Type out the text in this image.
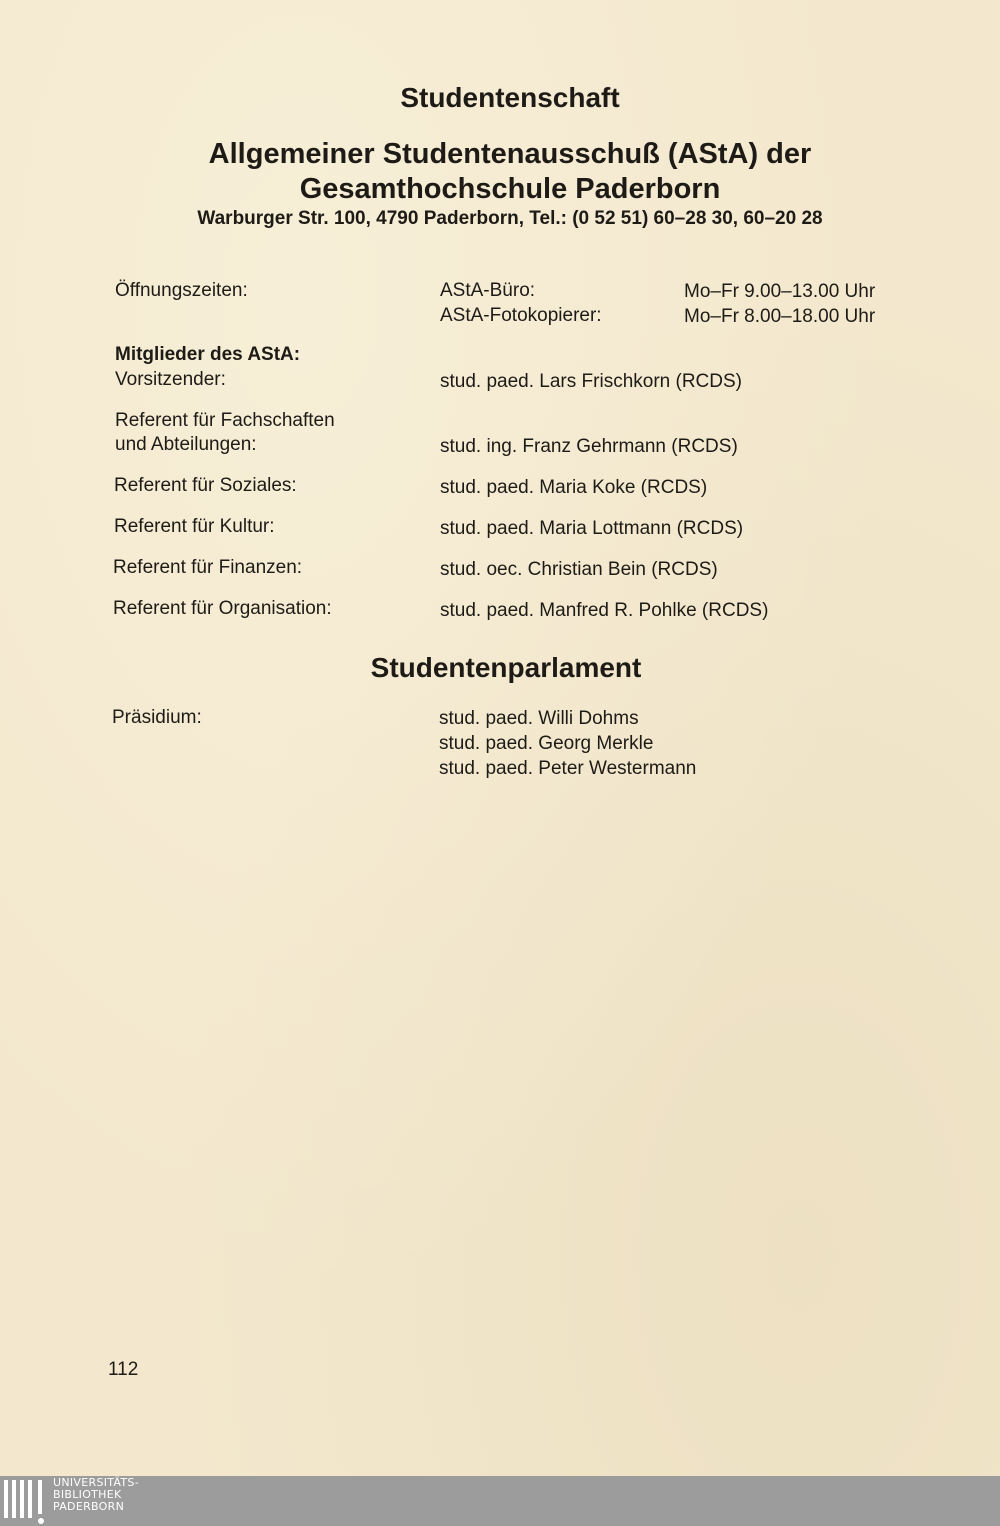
Studentenschaft
Allgemeiner Studentenausschuß (AStA) der
Gesamthochschule Paderborn
Warburger Str. 100, 4790 Paderborn, Tel.: (0 52 51) 60–28 30, 60–20 28
Öffnungszeiten:	AStA-Büro:	Mo–Fr 9.00–13.00 Uhr
AStA-Fotokopierer:	Mo–Fr 8.00–18.00 Uhr
Mitglieder des AStA:
Vorsitzender:	stud. paed. Lars Frischkorn (RCDS)
Referent für Fachschaften
und Abteilungen:	stud. ing. Franz Gehrmann (RCDS)
Referent für Soziales:	stud. paed. Maria Koke (RCDS)
Referent für Kultur:	stud. paed. Maria Lottmann (RCDS)
Referent für Finanzen:	stud. oec. Christian Bein (RCDS)
Referent für Organisation:	stud. paed. Manfred R. Pohlke (RCDS)
Studentenparlament
Präsidium:	stud. paed. Willi Dohms
stud. paed. Georg Merkle
stud. paed. Peter Westermann
112
UNIVERSITÄTS-
BIBLIOTHEK
PADERBORN
